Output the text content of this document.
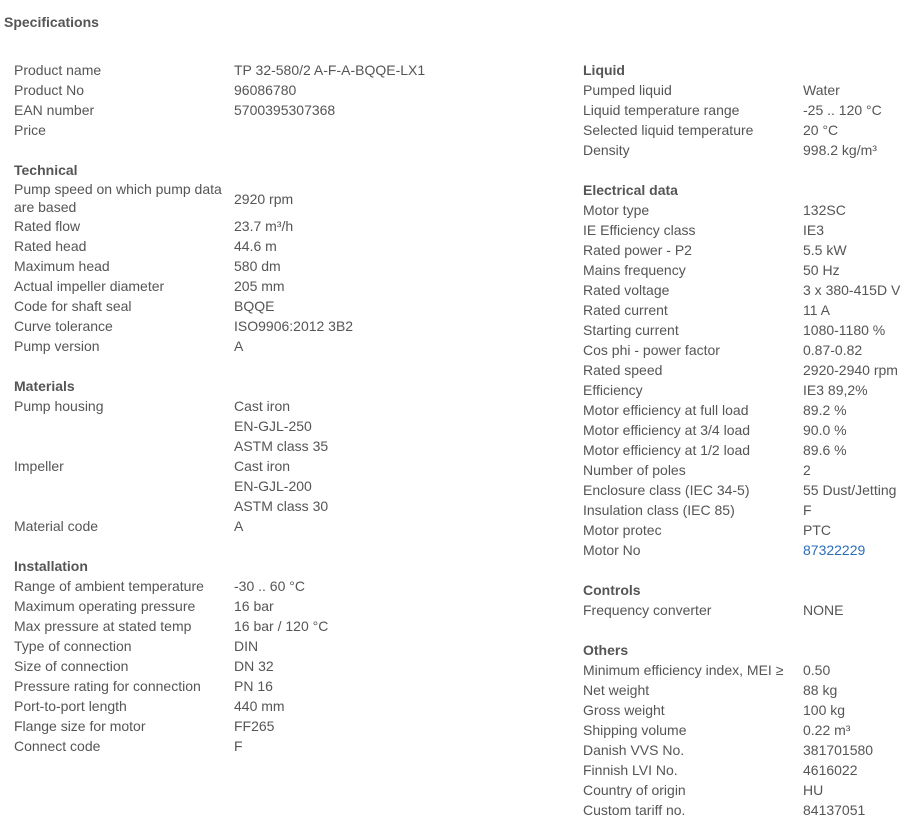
Specifications
Product name	TP 32-580/2 A-F-A-BQQE-LX1
Product No	96086780
EAN number	5700395307368
Price
Technical
Pump speed on which pump data are based	2920 rpm
Rated flow	23.7 m³/h
Rated head	44.6 m
Maximum head	580 dm
Actual impeller diameter	205 mm
Code for shaft seal	BQQE
Curve tolerance	ISO9906:2012 3B2
Pump version	A
Materials
Pump housing	Cast iron
EN-GJL-250
ASTM class 35
Impeller	Cast iron
EN-GJL-200
ASTM class 30
Material code	A
Installation
Range of ambient temperature	-30 .. 60 °C
Maximum operating pressure	16 bar
Max pressure at stated temp	16 bar / 120 °C
Type of connection	DIN
Size of connection	DN 32
Pressure rating for connection	PN 16
Port-to-port length	440 mm
Flange size for motor	FF265
Connect code	F
Liquid
Pumped liquid	Water
Liquid temperature range	-25 .. 120 °C
Selected liquid temperature	20 °C
Density	998.2 kg/m³
Electrical data
Motor type	132SC
IE Efficiency class	IE3
Rated power - P2	5.5 kW
Mains frequency	50 Hz
Rated voltage	3 x 380-415D V
Rated current	11 A
Starting current	1080-1180 %
Cos phi - power factor	0.87-0.82
Rated speed	2920-2940 rpm
Efficiency	IE3 89,2%
Motor efficiency at full load	89.2 %
Motor efficiency at 3/4 load	90.0 %
Motor efficiency at 1/2 load	89.6 %
Number of poles	2
Enclosure class (IEC 34-5)	55 Dust/Jetting
Insulation class (IEC 85)	F
Motor protec	PTC
Motor No	87322229
Controls
Frequency converter	NONE
Others
Minimum efficiency index, MEI ≥	0.50
Net weight	88 kg
Gross weight	100 kg
Shipping volume	0.22 m³
Danish VVS No.	381701580
Finnish LVI No.	4616022
Country of origin	HU
Custom tariff no.	84137051
